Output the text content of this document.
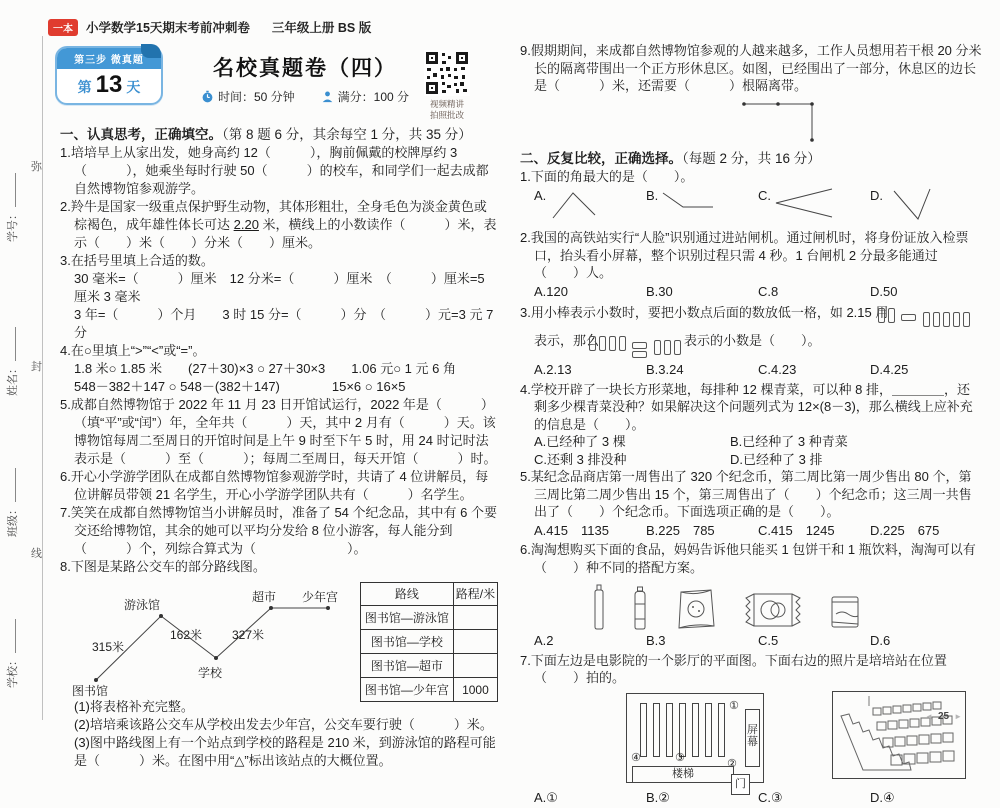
学号：
姓名：
班级：
学校：
弥
封
线
一本	小学数学15天期末考前冲刺卷 三年级上册 BS 版
第三步 微真题
第 13 天
名校真题卷（四）
时间：50 分钟	满分：100 分	视频精讲
拍照批改

一、认真思考，正确填空。（第 8 题 6 分，其余每空 1 分，共 35 分）

1.培培早上从家出发，她身高约 12（　　　），胸前佩戴的校牌厚约 3（　　　），她乘坐每时行驶 50（　　　）的校车，和同学们一起去成都自然博物馆参观游学。

2.羚牛是国家一级重点保护野生动物，其体形粗壮，全身毛色为淡金黄色或棕褐色，成年雄性体长可达 2.20 米，横线上的小数读作（　　　）米，表示（　　）米（　　）分米（　　）厘米。

3.在括号里填上合适的数。

30 毫米=（　　　）厘米　12 分米=（　　　）厘米　（　　　）厘米=5 厘米 3 毫米

3 年=（　　　）个月　　3 时 15 分=（　　　）分　（　　　）元=3 元 7 分

4.在○里填上“>”“<”或“=”。

1.8 米○ 1.85 米　　(27＋30)×3 ○ 27＋30×3　　1.06 元○ 1 元 6 角

548－382＋147 ○ 548－(382＋147)　　　　15×6 ○ 16×5

5.成都自然博物馆于 2022 年 11 月 23 日开馆试运行，2022 年是（　　　）（填“平”或“闰”）年，全年共（　　　）天，其中 2 月有（　　　）天。该博物馆每周二至周日的开馆时间是上午 9 时至下午 5 时，用 24 时记时法表示是（　　　）至（　　　）；每周二至周日，每天开馆（　　　）时。

6.开心小学游学团队在成都自然博物馆参观游学时，共请了 4 位讲解员，每位讲解员带领 21 名学生，开心小学游学团队共有（　　　）名学生。

7.笑笑在成都自然博物馆当小讲解员时，准备了 54 个纪念品，其中有 6 个要交还给博物馆，其余的她可以平均分发给 8 位小游客，每人能分到（　　　）个，列综合算式为（　　　　　　　）。

8.下图是某路公交车的部分路线图。

游泳馆
超市 少年宫
315米
162米 327米
学校
图书馆
路线	路程/米
图书馆—游泳馆	
图书馆—学校	
图书馆—超市	
图书馆—少年宫	1000

(1)将表格补充完整。

(2)培培乘该路公交车从学校出发去少年宫，公交车要行驶（　　　）米。

(3)图中路线图上有一个站点到学校的路程是 210 米，到游泳馆的路程可能是（　　　）米。在图中用“△”标出该站点的大概位置。

9.假期期间，来成都自然博物馆参观的人越来越多，工作人员想用若干根 20 分米长的隔离带围出一个正方形休息区。如图，已经围出了一部分，休息区的边长是（　　　）米，还需要（　　　）根隔离带。

二、反复比较，正确选择。（每题 2 分，共 16 分）

1.下面的角最大的是（　　）。

A.	B.	C.	D.

2.我国的高铁站实行“人脸”识别通过进站闸机。通过闸机时，将身份证放入检票口，抬头看小屏幕，整个识别过程只需 4 秒。1 台闸机 2 分最多能通过（　　）人。

A.120	B.30	C.8	D.50

3.用小棒表示小数时，要把小数点后面的数放低一格，如 2.15 用
表示，那么	表示的小数是（　　）。

A.2.13	B.3.24	C.4.23	D.4.25

4.学校开辟了一块长方形菜地，每排种 12 棵青菜，可以种 8 排，＿＿＿＿，还剩多少棵青菜没种？如果解决这个问题列式为 12×(8－3)，那么横线上应补充的信息是（　　）。

A.已经种了 3 棵	B.已经种了 3 种青菜
C.还剩 3 排没种	D.已经种了 3 排

5.某纪念品商店第一周售出了 320 个纪念币，第二周比第一周少售出 80 个，第三周比第二周少售出 15 个，第三周售出了（　　）个纪念币；这三周一共售出了（　　）个纪念币。下面选项正确的是（　　）。

A.415　1135	B.225　785	C.415　1245	D.225　675

6.淘淘想购买下面的食品，妈妈告诉他只能买 1 包饼干和 1 瓶饮料，淘淘可以有（　　）种不同的搭配方案。

A.2	B.3	C.5	D.6

7.下面左边是电影院的一个影厅的平面图。下面右边的照片是培培站在位置（　　）拍的。

①
④	③	②
屏幕
楼梯
门
A.①	B.②	C.③	D.④
◄ 25 ►
